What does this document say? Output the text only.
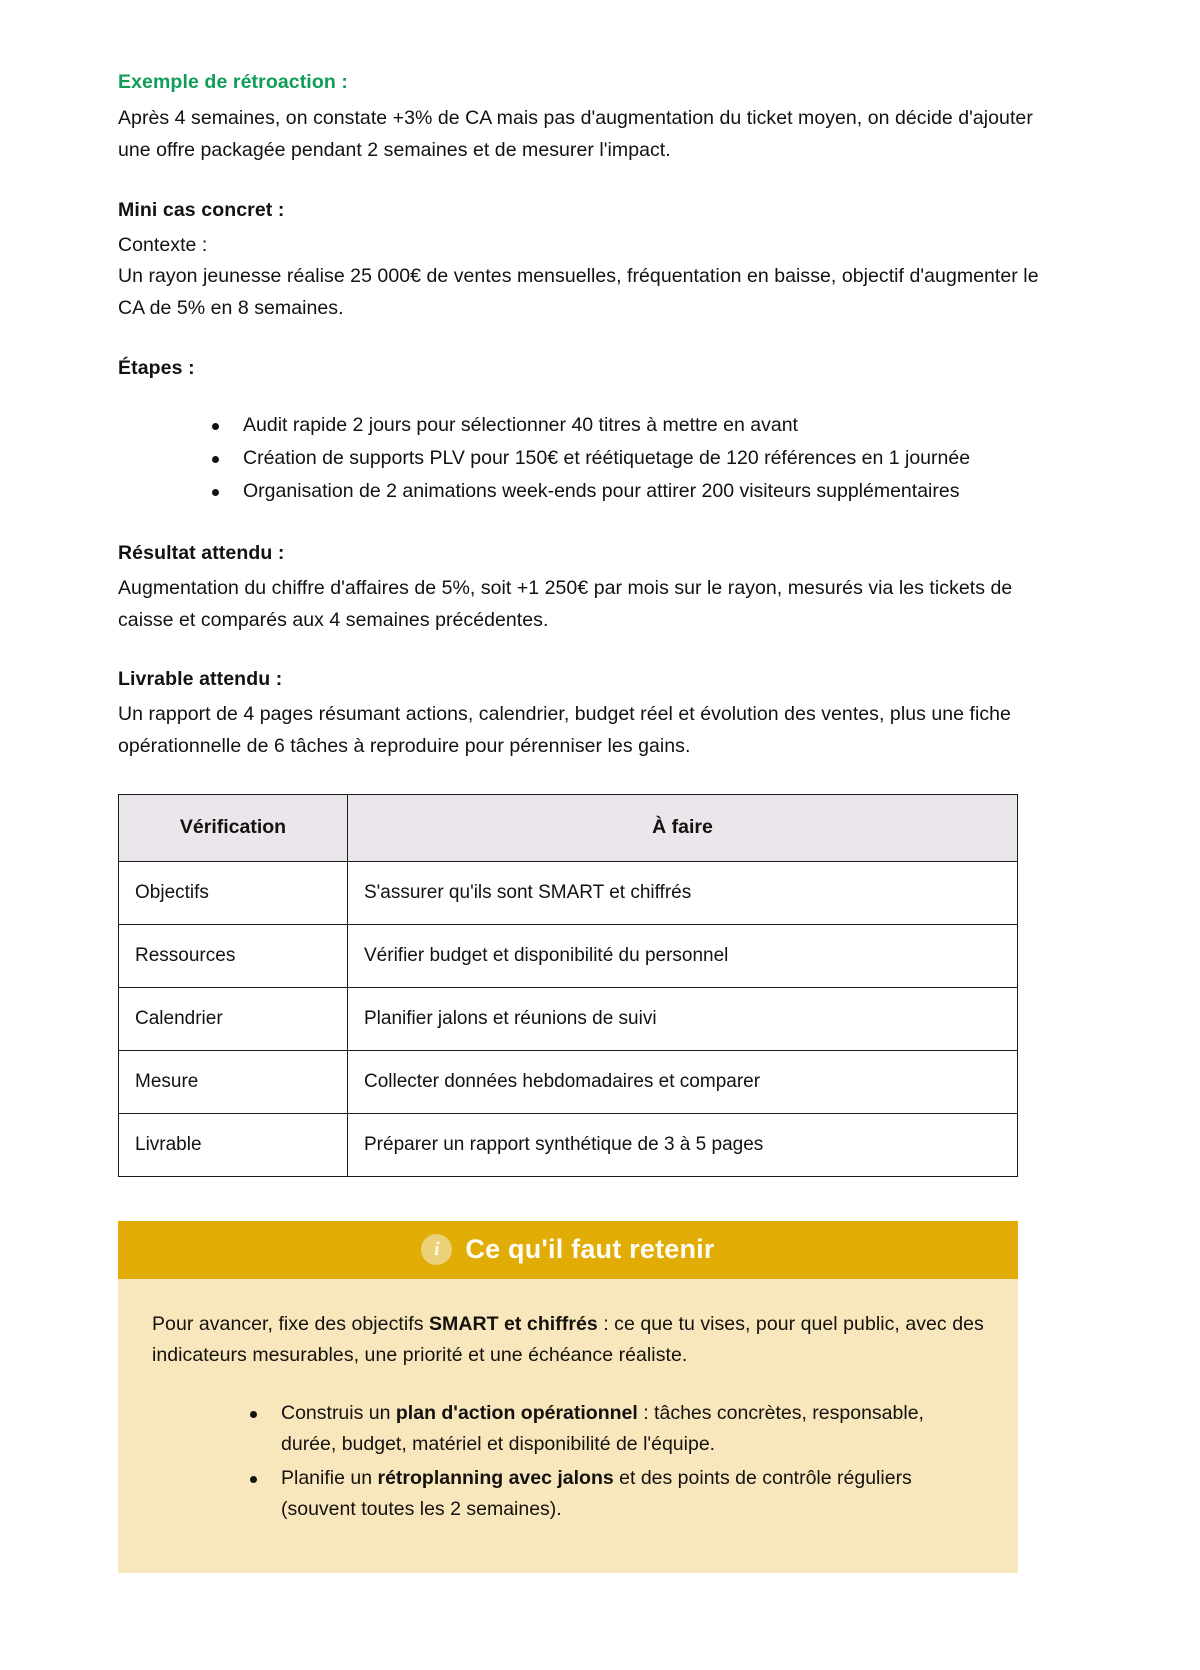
Exemple de rétroaction :

Après 4 semaines, on constate +3% de CA mais pas d'augmentation du ticket moyen, on décide d'ajouter une offre packagée pendant 2 semaines et de mesurer l'impact.

Mini cas concret :

Contexte :

Un rayon jeunesse réalise 25 000€ de ventes mensuelles, fréquentation en baisse, objectif d'augmenter le CA de 5% en 8 semaines.

Étapes :
Audit rapide 2 jours pour sélectionner 40 titres à mettre en avant
Création de supports PLV pour 150€ et réétiquetage de 120 références en 1 journée
Organisation de 2 animations week-ends pour attirer 200 visiteurs supplémentaires
Résultat attendu :

Augmentation du chiffre d'affaires de 5%, soit +1 250€ par mois sur le rayon, mesurés via les tickets de caisse et comparés aux 4 semaines précédentes.

Livrable attendu :

Un rapport de 4 pages résumant actions, calendrier, budget réel et évolution des ventes, plus une fiche opérationnelle de 6 tâches à reproduire pour pérenniser les gains.

Vérification	À faire
Objectifs	S'assurer qu'ils sont SMART et chiffrés
Ressources	Vérifier budget et disponibilité du personnel
Calendrier	Planifier jalons et réunions de suivi
Mesure	Collecter données hebdomadaires et comparer
Livrable	Préparer un rapport synthétique de 3 à 5 pages
i Ce qu'il faut retenir

Pour avancer, fixe des objectifs SMART et chiffrés : ce que tu vises, pour quel public, avec des indicateurs mesurables, une priorité et une échéance réaliste.

Construis un plan d'action opérationnel : tâches concrètes, responsable, durée, budget, matériel et disponibilité de l'équipe.
Planifie un rétroplanning avec jalons et des points de contrôle réguliers (souvent toutes les 2 semaines).
